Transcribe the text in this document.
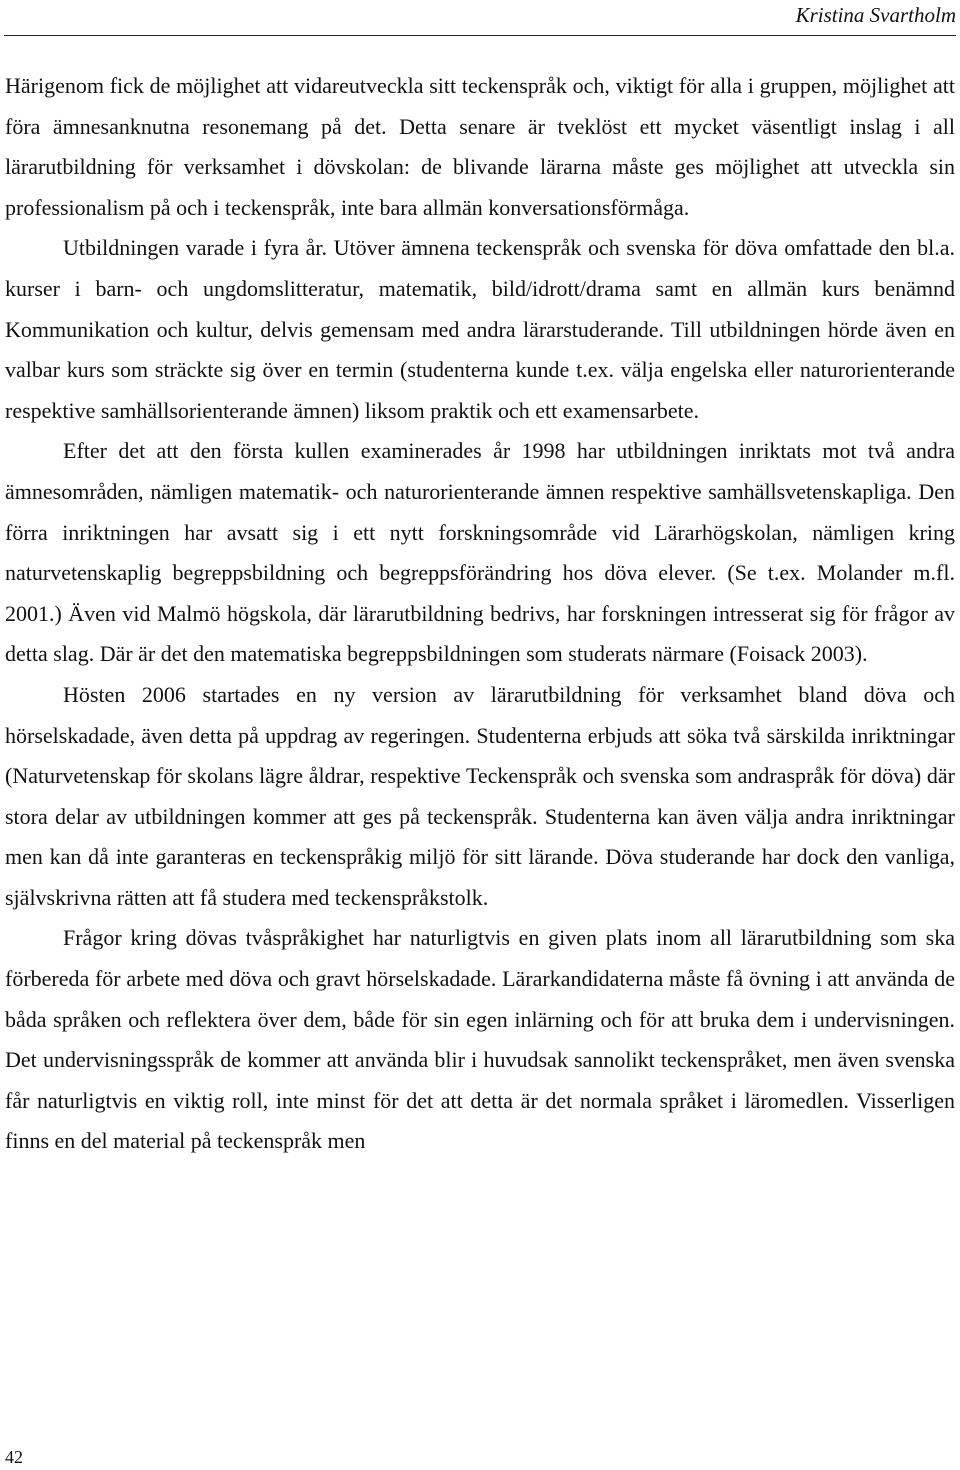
Kristina Svartholm

Härigenom fick de möjlighet att vidareutveckla sitt teckenspråk och, viktigt för alla i gruppen, möjlighet att föra ämnesanknutna resonemang på det. Detta senare är tveklöst ett mycket väsentligt inslag i all lärarutbildning för verksamhet i dövskolan: de blivande lärarna måste ges möjlighet att utveckla sin professionalism på och i teckenspråk, inte bara allmän konversationsförmåga.

Utbildningen varade i fyra år. Utöver ämnena teckenspråk och svenska för döva omfattade den bl.a. kurser i barn- och ungdomslitteratur, matematik, bild/idrott/drama samt en allmän kurs benämnd Kommunikation och kultur, delvis gemensam med andra lärarstuderande. Till utbildningen hörde även en valbar kurs som sträckte sig över en termin (studenterna kunde t.ex. välja engelska eller naturorienterande respektive samhällsorienterande ämnen) liksom praktik och ett examensarbete.

Efter det att den första kullen examinerades år 1998 har utbildningen inriktats mot två andra ämnesområden, nämligen matematik- och naturorienterande ämnen respektive samhällsvetenskapliga. Den förra inriktningen har avsatt sig i ett nytt forskningsområde vid Lärarhögskolan, nämligen kring naturvetenskaplig begreppsbildning och begreppsförändring hos döva elever. (Se t.ex. Molander m.fl. 2001.) Även vid Malmö högskola, där lärarutbildning bedrivs, har forskningen intresserat sig för frågor av detta slag. Där är det den matematiska begreppsbildningen som studerats närmare (Foisack 2003).

Hösten 2006 startades en ny version av lärarutbildning för verksamhet bland döva och hörselskadade, även detta på uppdrag av regeringen. Studenterna erbjuds att söka två särskilda inriktningar (Naturvetenskap för skolans lägre åldrar, respektive Teckenspråk och svenska som andraspråk för döva) där stora delar av utbildningen kommer att ges på teckenspråk. Studenterna kan även välja andra inriktningar men kan då inte garanteras en teckenspråkig miljö för sitt lärande. Döva studerande har dock den vanliga, självskrivna rätten att få studera med teckenspråkstolk.

Frågor kring dövas tvåspråkighet har naturligtvis en given plats inom all lärarutbildning som ska förbereda för arbete med döva och gravt hörselskadade. Lärarkandidaterna måste få övning i att använda de båda språken och reflektera över dem, både för sin egen inlärning och för att bruka dem i undervisningen. Det undervisningsspråk de kommer att använda blir i huvudsak sannolikt teckenspråket, men även svenska får naturligtvis en viktig roll, inte minst för det att detta är det normala språket i läromedlen. Visserligen finns en del material på teckenspråk men

42
